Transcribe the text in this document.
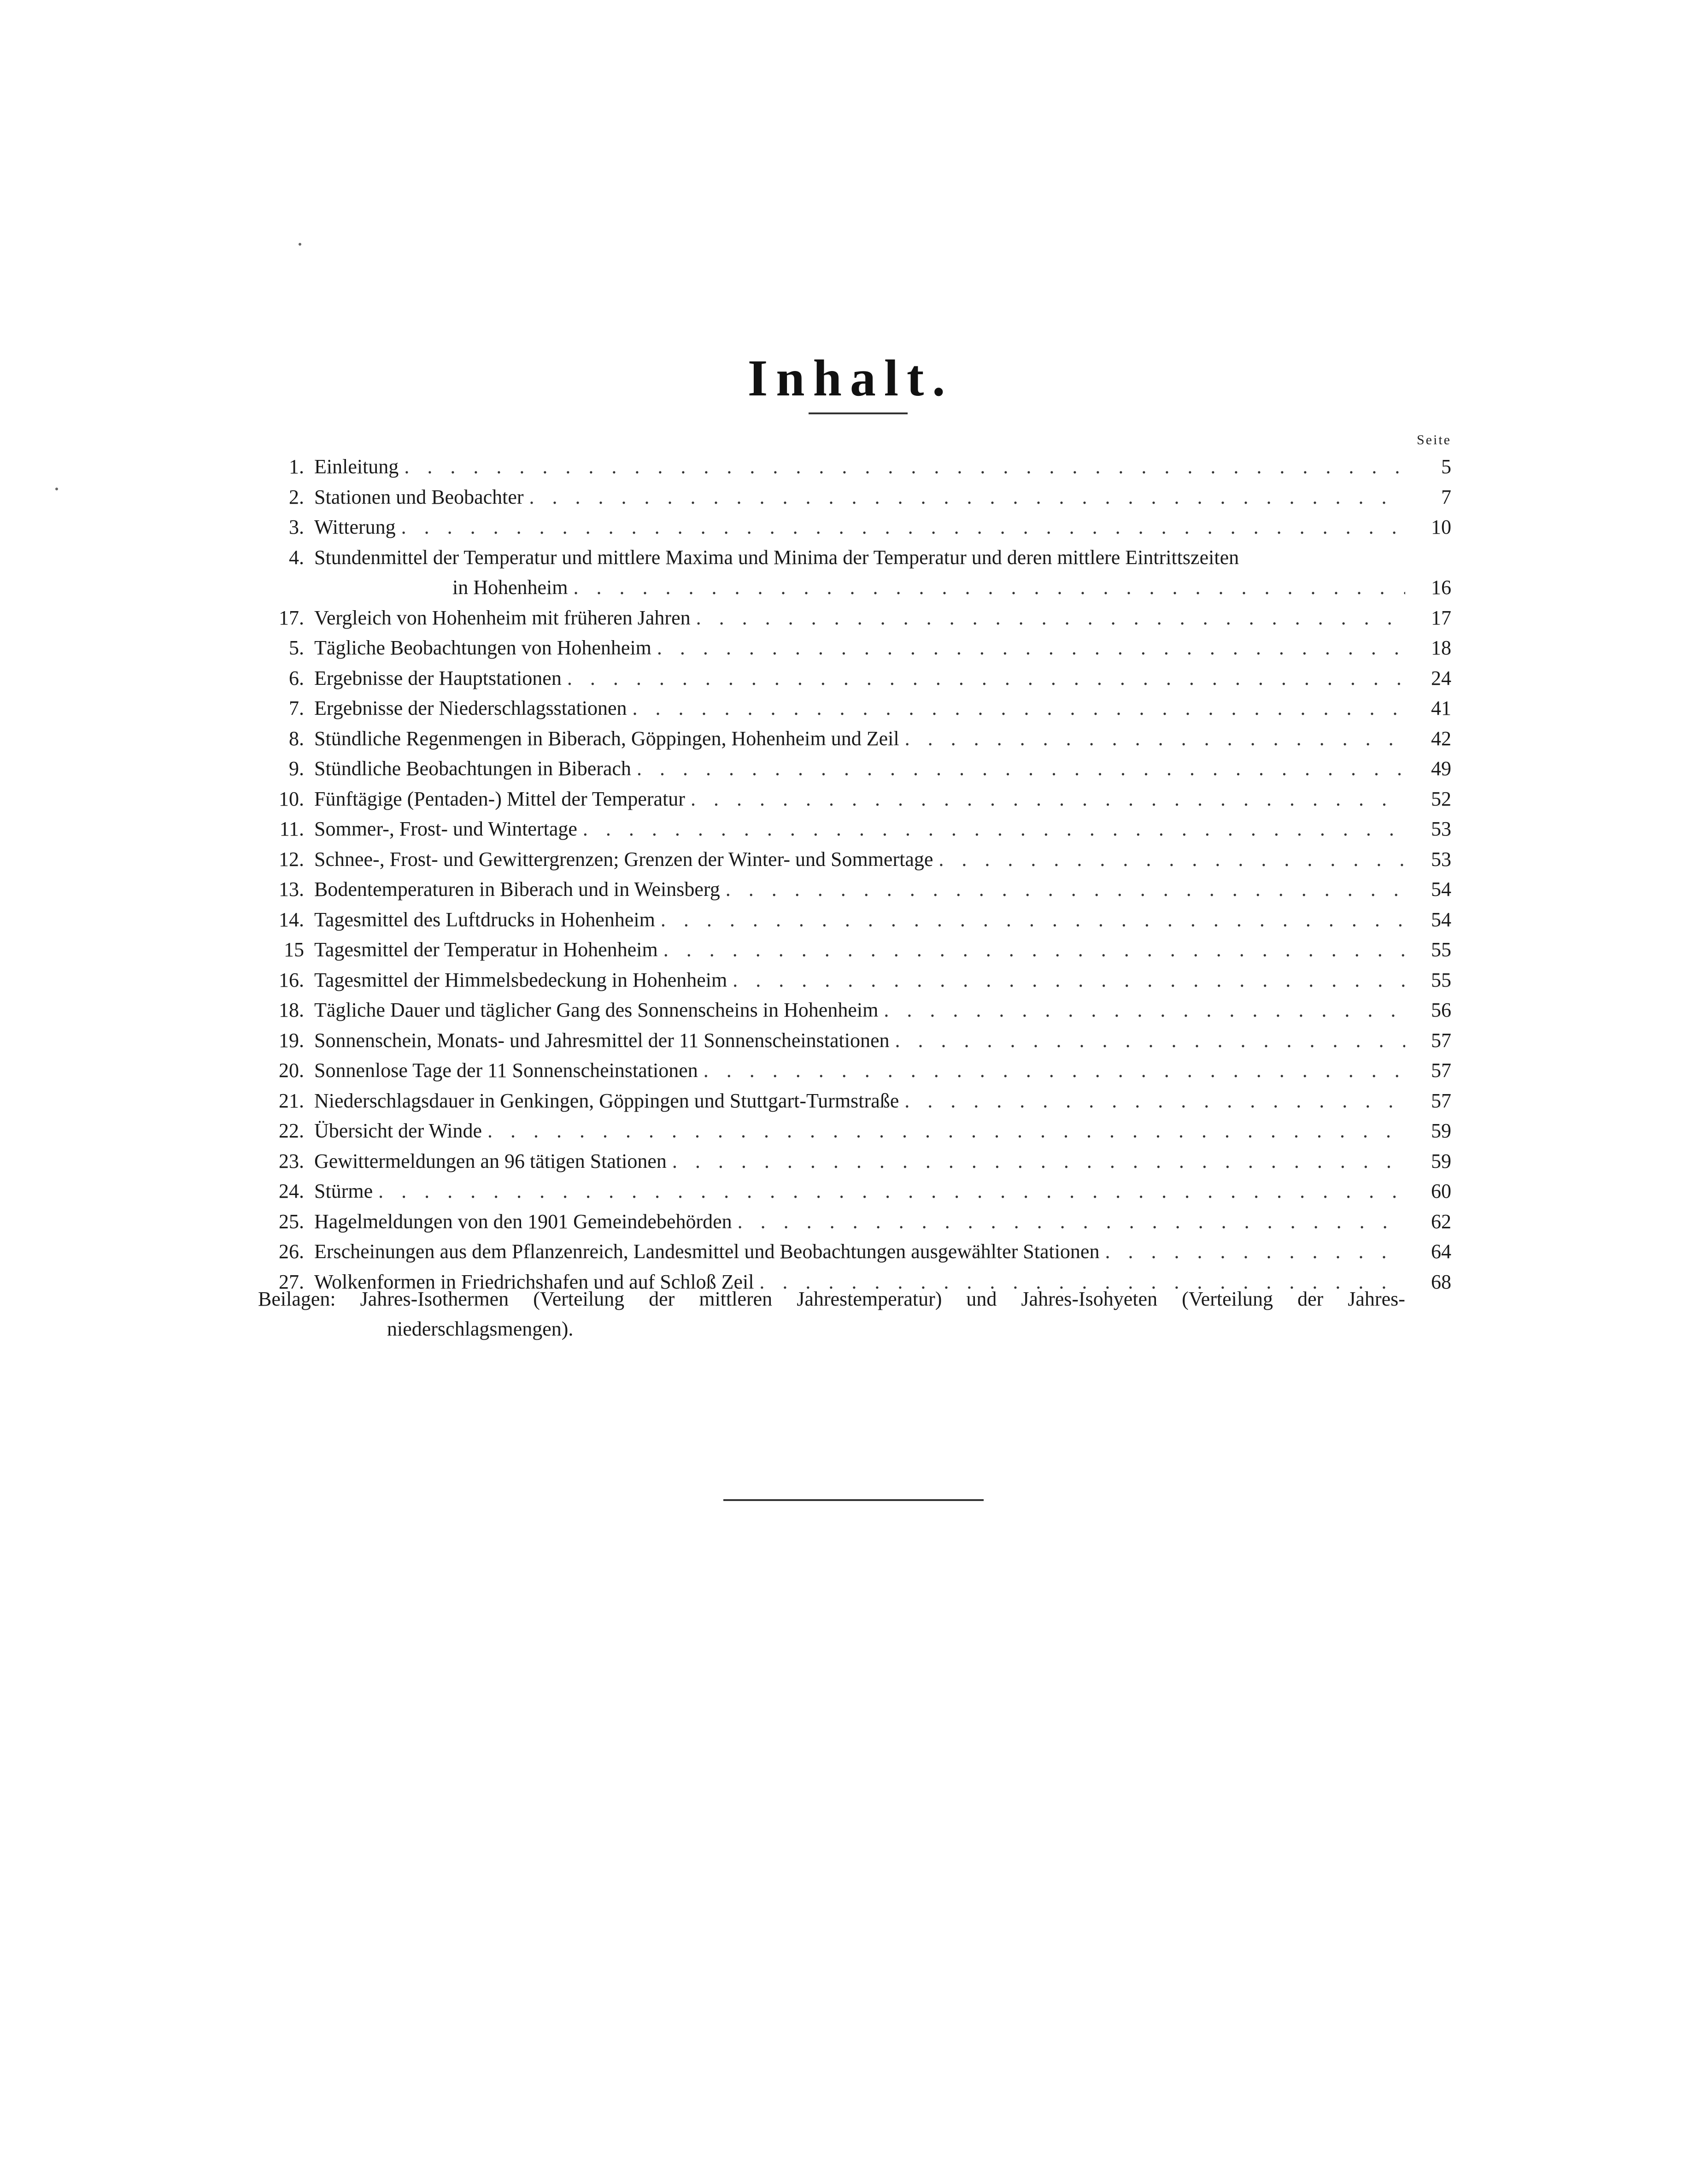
Inhalt.
Seite
1. Einleitung . . .	5
2. Stationen und Beobachter . . .	7
3. Witterung . . .	10
4. Stundenmittel der Temperatur und mittlere Maxima und Minima der Temperatur und deren mittlere Eintrittszeiten
in Hohenheim . . .	16
17. Vergleich von Hohenheim mit früheren Jahren . . .	17
5. Tägliche Beobachtungen von Hohenheim . . .	18
6. Ergebnisse der Hauptstationen . . .	24
7. Ergebnisse der Niederschlagsstationen . . .	41
8. Stündliche Regenmengen in Biberach, Göppingen, Hohenheim und Zeil . . .	42
9. Stündliche Beobachtungen in Biberach . . .	49
10. Fünftägige (Pentaden-) Mittel der Temperatur . . .	52
11. Sommer-, Frost- und Wintertage . . .	53
12. Schnee-, Frost- und Gewittergrenzen; Grenzen der Winter- und Sommertage . . .	53
13. Bodentemperaturen in Biberach und in Weinsberg . . .	54
14. Tagesmittel des Luftdrucks in Hohenheim . . .	54
15 Tagesmittel der Temperatur in Hohenheim . . .	55
16. Tagesmittel der Himmelsbedeckung in Hohenheim . . .	55
18. Tägliche Dauer und täglicher Gang des Sonnenscheins in Hohenheim . . .	56
19. Sonnenschein, Monats- und Jahresmittel der 11 Sonnenscheinstationen . . .	57
20. Sonnenlose Tage der 11 Sonnenscheinstationen . . .	57
21. Niederschlagsdauer in Genkingen, Göppingen und Stuttgart-Turmstraße . . .	57
22. Übersicht der Winde . . .	59
23. Gewittermeldungen an 96 tätigen Stationen . . .	59
24. Stürme . . .	60
25. Hagelmeldungen von den 1901 Gemeindebehörden . . .	62
26. Erscheinungen aus dem Pflanzenreich, Landesmittel und Beobachtungen ausgewählter Stationen . . .	64
27. Wolkenformen in Friedrichshafen und auf Schloß Zeil . . .	68
Beilagen: Jahres-Isothermen (Verteilung der mittleren Jahrestemperatur) und Jahres-Isohyeten (Verteilung der Jahres-
niederschlagsmengen).
